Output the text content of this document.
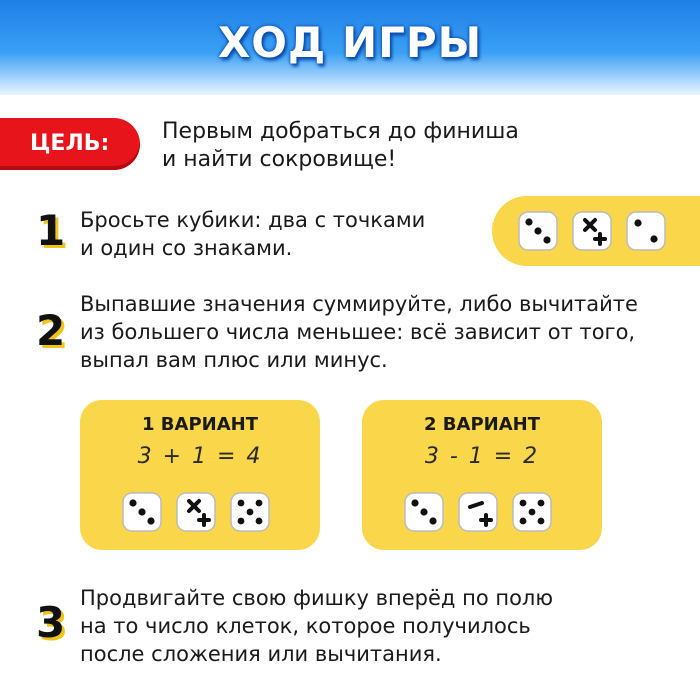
ХОД ИГРЫ
ЦЕЛЬ: Первым добраться до финиша
и найти сокровище!
1 Бросьте кубики: два с точками
и один со знаками.
2
Выпавшие значения суммируйте, либо вычитайте
из большего числа меньшее: всё зависит от того,
выпал вам плюс или минус.
1 ВАРИАНТ
3 + 1 = 4
2 ВАРИАНТ
3 - 1 = 2
3 Продвигайте свою фишку вперёд по полю
на то число клеток, которое получилось
после сложения или вычитания.
